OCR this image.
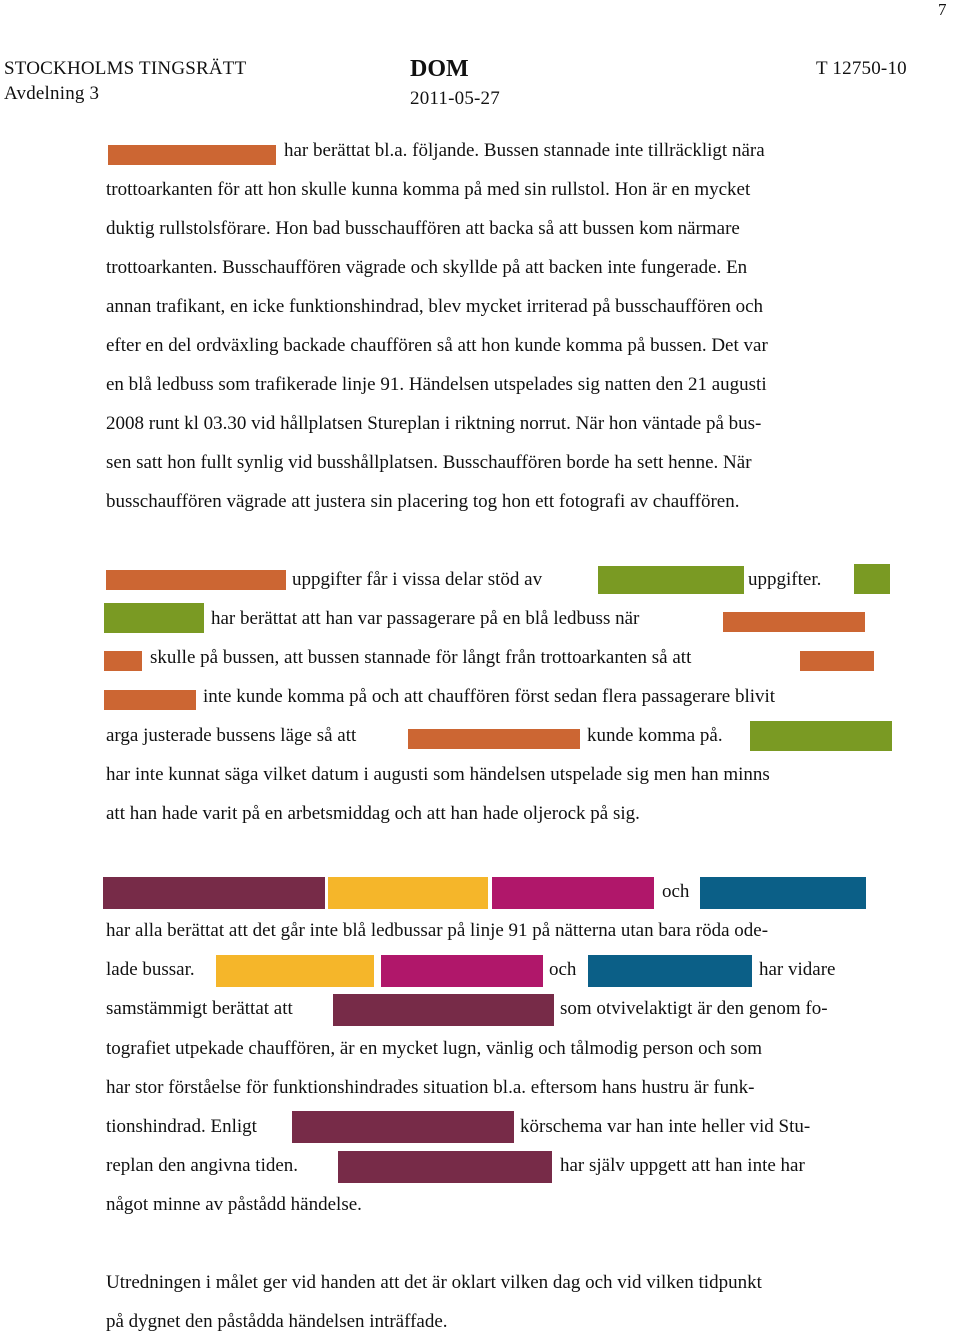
7
STOCKHOLMS TINGSRÄTT
Avdelning 3
DOM
2011-05-27
T 12750-10
har berättat bl.a. följande. Bussen stannade inte tillräckligt nära
trottoarkanten för att hon skulle kunna komma på med sin rullstol. Hon är en mycket
duktig rullstolsförare. Hon bad busschauffören att backa så att bussen kom närmare
trottoarkanten. Busschauffören vägrade och skyllde på att backen inte fungerade. En
annan trafikant, en icke funktionshindrad, blev mycket irriterad på busschauffören och
efter en del ordväxling backade chauffören så att hon kunde komma på bussen. Det var
en blå ledbuss som trafikerade linje 91. Händelsen utspelades sig natten den 21 augusti
2008 runt kl 03.30 vid hållplatsen Stureplan i riktning norrut. När hon väntade på bus-
sen satt hon fullt synlig vid busshållplatsen. Busschauffören borde ha sett henne. När
busschauffören vägrade att justera sin placering tog hon ett fotografi av chauffören.
uppgifter får i vissa delar stöd av	uppgifter.
har berättat att han var passagerare på en blå ledbuss när
skulle på bussen, att bussen stannade för långt från trottoarkanten så att
inte kunde komma på och att chauffören först sedan flera passagerare blivit
arga justerade bussens läge så att	kunde komma på.
har inte kunnat säga vilket datum i augusti som händelsen utspelade sig men han minns
att han hade varit på en arbetsmiddag och att han hade oljerock på sig.
och
har alla berättat att det går inte blå ledbussar på linje 91 på nätterna utan bara röda ode-
lade bussar.	och	har vidare
samstämmigt berättat att	som otvivelaktigt är den genom fo-
tografiet utpekade chauffören, är en mycket lugn, vänlig och tålmodig person och som
har stor förståelse för funktionshindrades situation bl.a. eftersom hans hustru är funk-
tionshindrad. Enligt	körschema var han inte heller vid Stu-
replan den angivna tiden.	har själv uppgett att han inte har
något minne av påstådd händelse.
Utredningen i målet ger vid handen att det är oklart vilken dag och vid vilken tidpunkt
på dygnet den påstådda händelsen inträffade.
